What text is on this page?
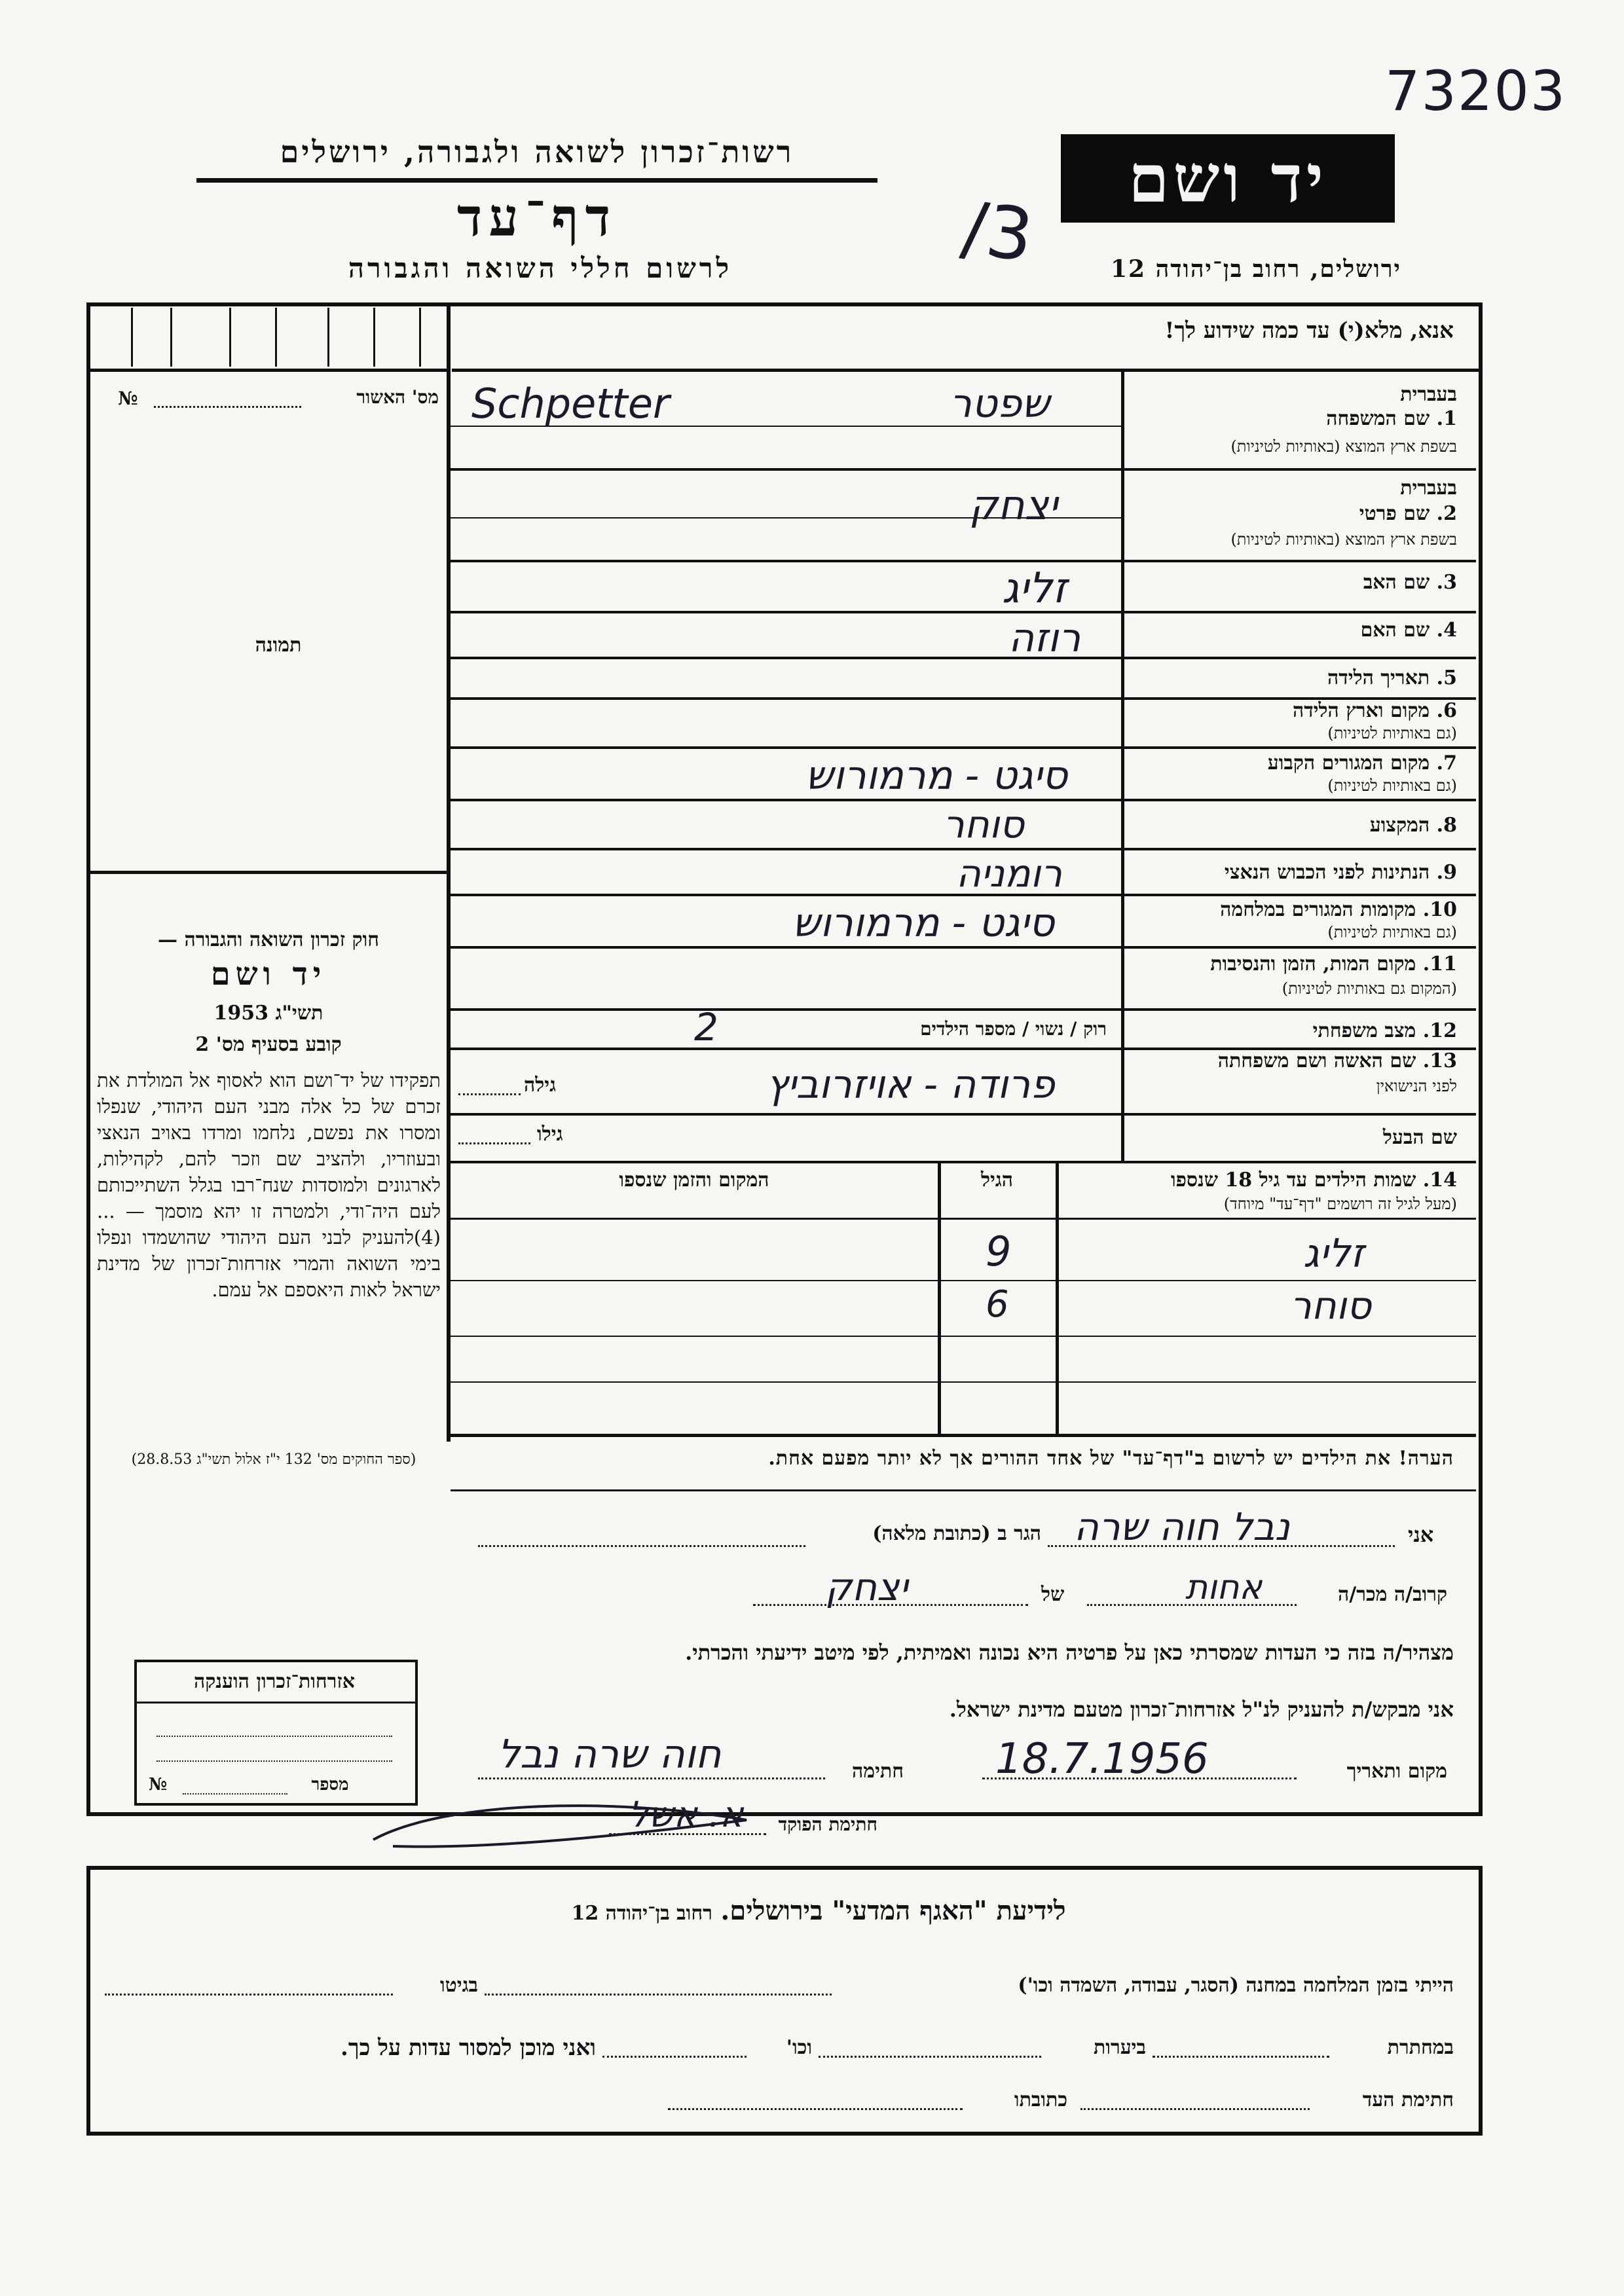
73203
רשות־זכרון לשואה ולגבורה, ירושלים
דף־עד
לרשום חללי השואה והגבורה	/3
יד ושם
ירושלים, רחוב בן־יהודה 12
אנא, מלא(י) עד כמה שידוע לך!
מס' האשור
№
תמונה
בעברית
1. שם המשפחה
בשפת ארץ המוצא (באותיות לטיניות)
שפטר
Schpetter
בעברית
2. שם פרטי
בשפת ארץ המוצא (באותיות לטיניות)
יצחק
3. שם האב
זליג
4. שם האם
רוזה
5. תאריך הלידה
6. מקום וארץ הלידה
(גם באותיות לטיניות)
7. מקום המגורים הקבוע
(גם באותיות לטיניות)
סיגט - מרמורוש
8. המקצוע
סוחר
9. הנתינות לפני הכבוש הנאצי
רומניה
10. מקומות המגורים במלחמה
(גם באותיות לטיניות)
סיגט - מרמורוש
11. מקום המות, הזמן והנסיבות
(המקום גם באותיות לטיניות)
12. מצב משפחתי
רוק / נשוי / מספר הילדים
2
13. שם האשה ושם משפחתה
לפני הנישואין
פרודה - אויזרוביץ
גילה
שם הבעל
גילו
חוק זכרון השואה והגבורה —
יד ושם
תשי"ג 1953
קובע בסעיף מס' 2
תפקידו של יד־ושם הוא לאסוף אל המולדת את זכרם של כל אלה מבני העם היהודי, שנפלו ומסרו את נפשם, נלחמו ומרדו באויב הנאצי ובעוזריו, ולהציב שם וזכר להם, לקהילות, לארגונים ולמוסדות שנח־רבו בגלל השתייכותם לעם היה־ודי, ולמטרה זו יהא מוסמך — ...(4)להעניק לבני העם היהודי שהושמדו ונפלו בימי השואה והמרי אזרחות־זכרון של מדינת ישראל לאות היאספם אל עמם.
(ספר החוקים מס' 132 י"ז אלול תשי"ג 28.8.53)
14. שמות הילדים עד גיל 18 שנספו
(מעל לגיל זה רושמים "דף־עד" מיוחד)
הגיל
המקום והזמן שנספו
זליג
9
סוחר
6
הערה! את הילדים יש לרשום ב"דף־עד" של אחד ההורים אך לא יותר מפעם אחת.
אני
נבל חוה שרה
הגר ב (כתובת מלאה)
קרוב/ה מכר/ה
אחות
של
יצחק
מצהיר/ה בזה כי העדות שמסרתי כאן על פרטיה היא נכונה ואמיתית, לפי מיטב ידיעתי והכרתי.
אני מבקש/ת להעניק לנ"ל אזרחות־זכרון מטעם מדינת ישראל.
מקום ותאריך
18.7.1956
חתימה
חוה שרה נבל
חתימת הפוקד
א. אשל
אזרחות־זכרון הוענקה
מספר
№
לידיעת "האגף המדעי" בירושלים. רחוב בן־יהודה 12
הייתי בזמן המלחמה במחנה (הסגר, עבודה, השמדה וכו')
בגיטו
במחתרת
ביערות
וכו'
ואני מוכן למסור עדות על כך.
חתימת העד
כתובתו
